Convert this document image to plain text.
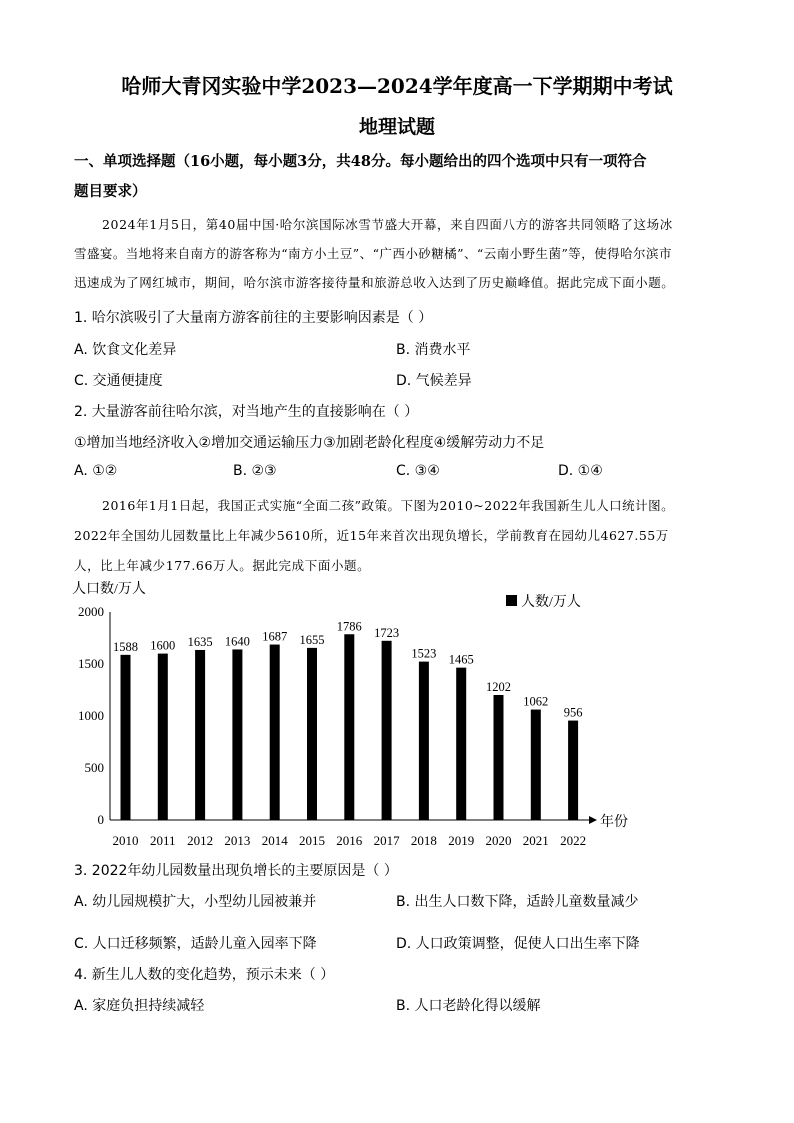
哈师大青冈实验中学2023—2024学年度高一下学期期中考试
地理试题
一、单项选择题（16小题，每小题3分，共48分。每小题给出的四个选项中只有一项符合
题目要求）
2024年1月5日，第40届中国·哈尔滨国际冰雪节盛大开幕，来自四面八方的游客共同领略了这场冰
雪盛宴。当地将来自南方的游客称为“南方小土豆”、“广西小砂糖橘”、“云南小野生菌”等，使得哈尔滨市
迅速成为了网红城市，期间，哈尔滨市游客接待量和旅游总收入达到了历史巅峰值。据此完成下面小题。
1. 哈尔滨吸引了大量南方游客前往的主要影响因素是（ ）
A. 饮食文化差异	B. 消费水平
C. 交通便捷度	D. 气候差异
2. 大量游客前往哈尔滨，对当地产生的直接影响在（ ）
①增加当地经济收入②增加交通运输压力③加剧老龄化程度④缓解劳动力不足
A. ①②	B. ②③	C. ③④	D. ①④
2016年1月1日起，我国正式实施“全面二孩”政策。下图为2010~2022年我国新生儿人口统计图。
2022年全国幼儿园数量比上年减少5610所，近15年来首次出现负增长，学前教育在园幼儿4627.55万
人，比上年减少177.66万人。据此完成下面小题。
人口数/万人
人数/万人
年份
0
500
1000
1500
2000
1588 1600 1635 1640 1687 1655
1786 1723
1523 1465
1202
1062
956
2010 2011 2012 2013 2014 2015 2016 2017 2018 2019 2020 2021 2022
3. 2022年幼儿园数量出现负增长的主要原因是（ ）
A. 幼儿园规模扩大，小型幼儿园被兼并	B. 出生人口数下降，适龄儿童数量减少
C. 人口迁移频繁，适龄儿童入园率下降	D. 人口政策调整，促使人口出生率下降
4. 新生儿人数的变化趋势，预示未来（ ）
A. 家庭负担持续减轻	B. 人口老龄化得以缓解
